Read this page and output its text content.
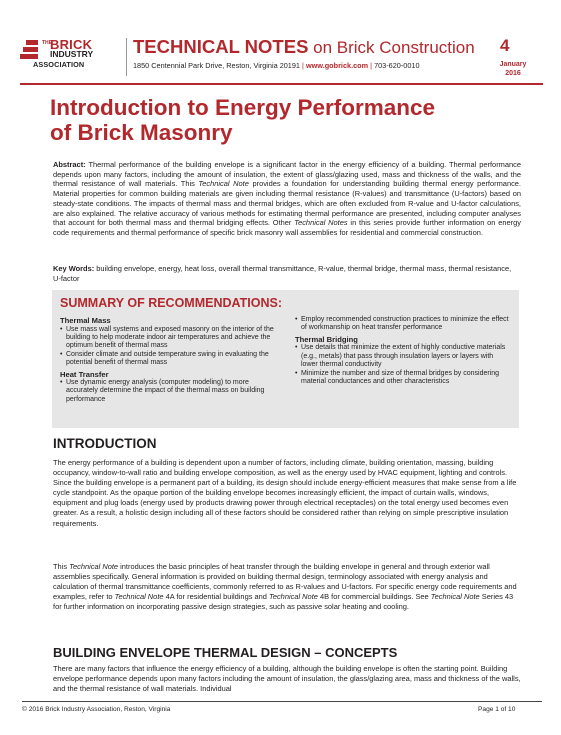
THE
BRICK
INDUSTRY
ASSOCIATION
TECHNICAL NOTES on Brick Construction
1850 Centennial Park Drive, Reston, Virginia 20191 | www.gobrick.com | 703-620-0010
4
January
2016
Introduction to Energy Performance
of Brick Masonry
Abstract: Thermal performance of the building envelope is a significant factor in the energy efficiency of a building. Thermal performance depends upon many factors, including the amount of insulation, the extent of glass/glazing used, mass and thickness of the walls, and the thermal resistance of wall materials. This Technical Note provides a foundation for understanding building thermal energy performance. Material properties for common building materials are given including thermal resistance (R-values) and transmittance (U-factors) based on steady-state conditions. The impacts of thermal mass and thermal bridges, which are often excluded from R-value and U-factor calculations, are also explained. The relative accuracy of various methods for estimating thermal performance are presented, including computer analyses that account for both thermal mass and thermal bridging effects. Other Technical Notes in this series provide further information on energy code requirements and thermal performance of specific brick masonry wall assemblies for residential and commercial construction.
Key Words: building envelope, energy, heat loss, overall thermal transmittance, R-value, thermal bridge, thermal mass, thermal resistance, U-factor
SUMMARY OF RECOMMENDATIONS:
Thermal Mass
• Use mass wall systems and exposed masonry on the interior of the building to help moderate indoor air temperatures and achieve the optimum benefit of thermal mass
• Consider climate and outside temperature swing in evaluating the potential benefit of thermal mass
Heat Transfer
• Use dynamic energy analysis (computer modeling) to more accurately determine the impact of the thermal mass on building performance
• Employ recommended construction practices to minimize the effect of workmanship on heat transfer performance
Thermal Bridging
• Use details that minimize the extent of highly conductive materials (e.g., metals) that pass through insulation layers or layers with lower thermal conductivity
• Minimize the number and size of thermal bridges by considering material conductances and other characteristics
INTRODUCTION
The energy performance of a building is dependent upon a number of factors, including climate, building orientation, massing, building occupancy, window-to-wall ratio and building envelope composition, as well as the energy used by HVAC equipment, lighting and controls. Since the building envelope is a permanent part of a building, its design should include energy-efficient measures that make sense from a life cycle standpoint. As the opaque portion of the building envelope becomes increasingly efficient, the impact of curtain walls, windows, equipment and plug loads (energy used by products drawing power through electrical receptacles) on the total energy used becomes even greater. As a result, a holistic design including all of these factors should be considered rather than relying on simple prescriptive insulation requirements.
This Technical Note introduces the basic principles of heat transfer through the building envelope in general and through exterior wall assemblies specifically. General information is provided on building thermal design, terminology associated with energy analysis and calculation of thermal transmittance coefficients, commonly referred to as R-values and U-factors. For specific energy code requirements and examples, refer to Technical Note 4A for residential buildings and Technical Note 4B for commercial buildings. See Technical Note Series 43 for further information on incorporating passive design strategies, such as passive solar heating and cooling.
BUILDING ENVELOPE THERMAL DESIGN – CONCEPTS
There are many factors that influence the energy efficiency of a building, although the building envelope is often the starting point. Building envelope performance depends upon many factors including the amount of insulation, the glass/glazing area, mass and thickness of the walls, and the thermal resistance of wall materials. Individual
© 2016 Brick Industry Association, Reston, Virginia	Page 1 of 10
